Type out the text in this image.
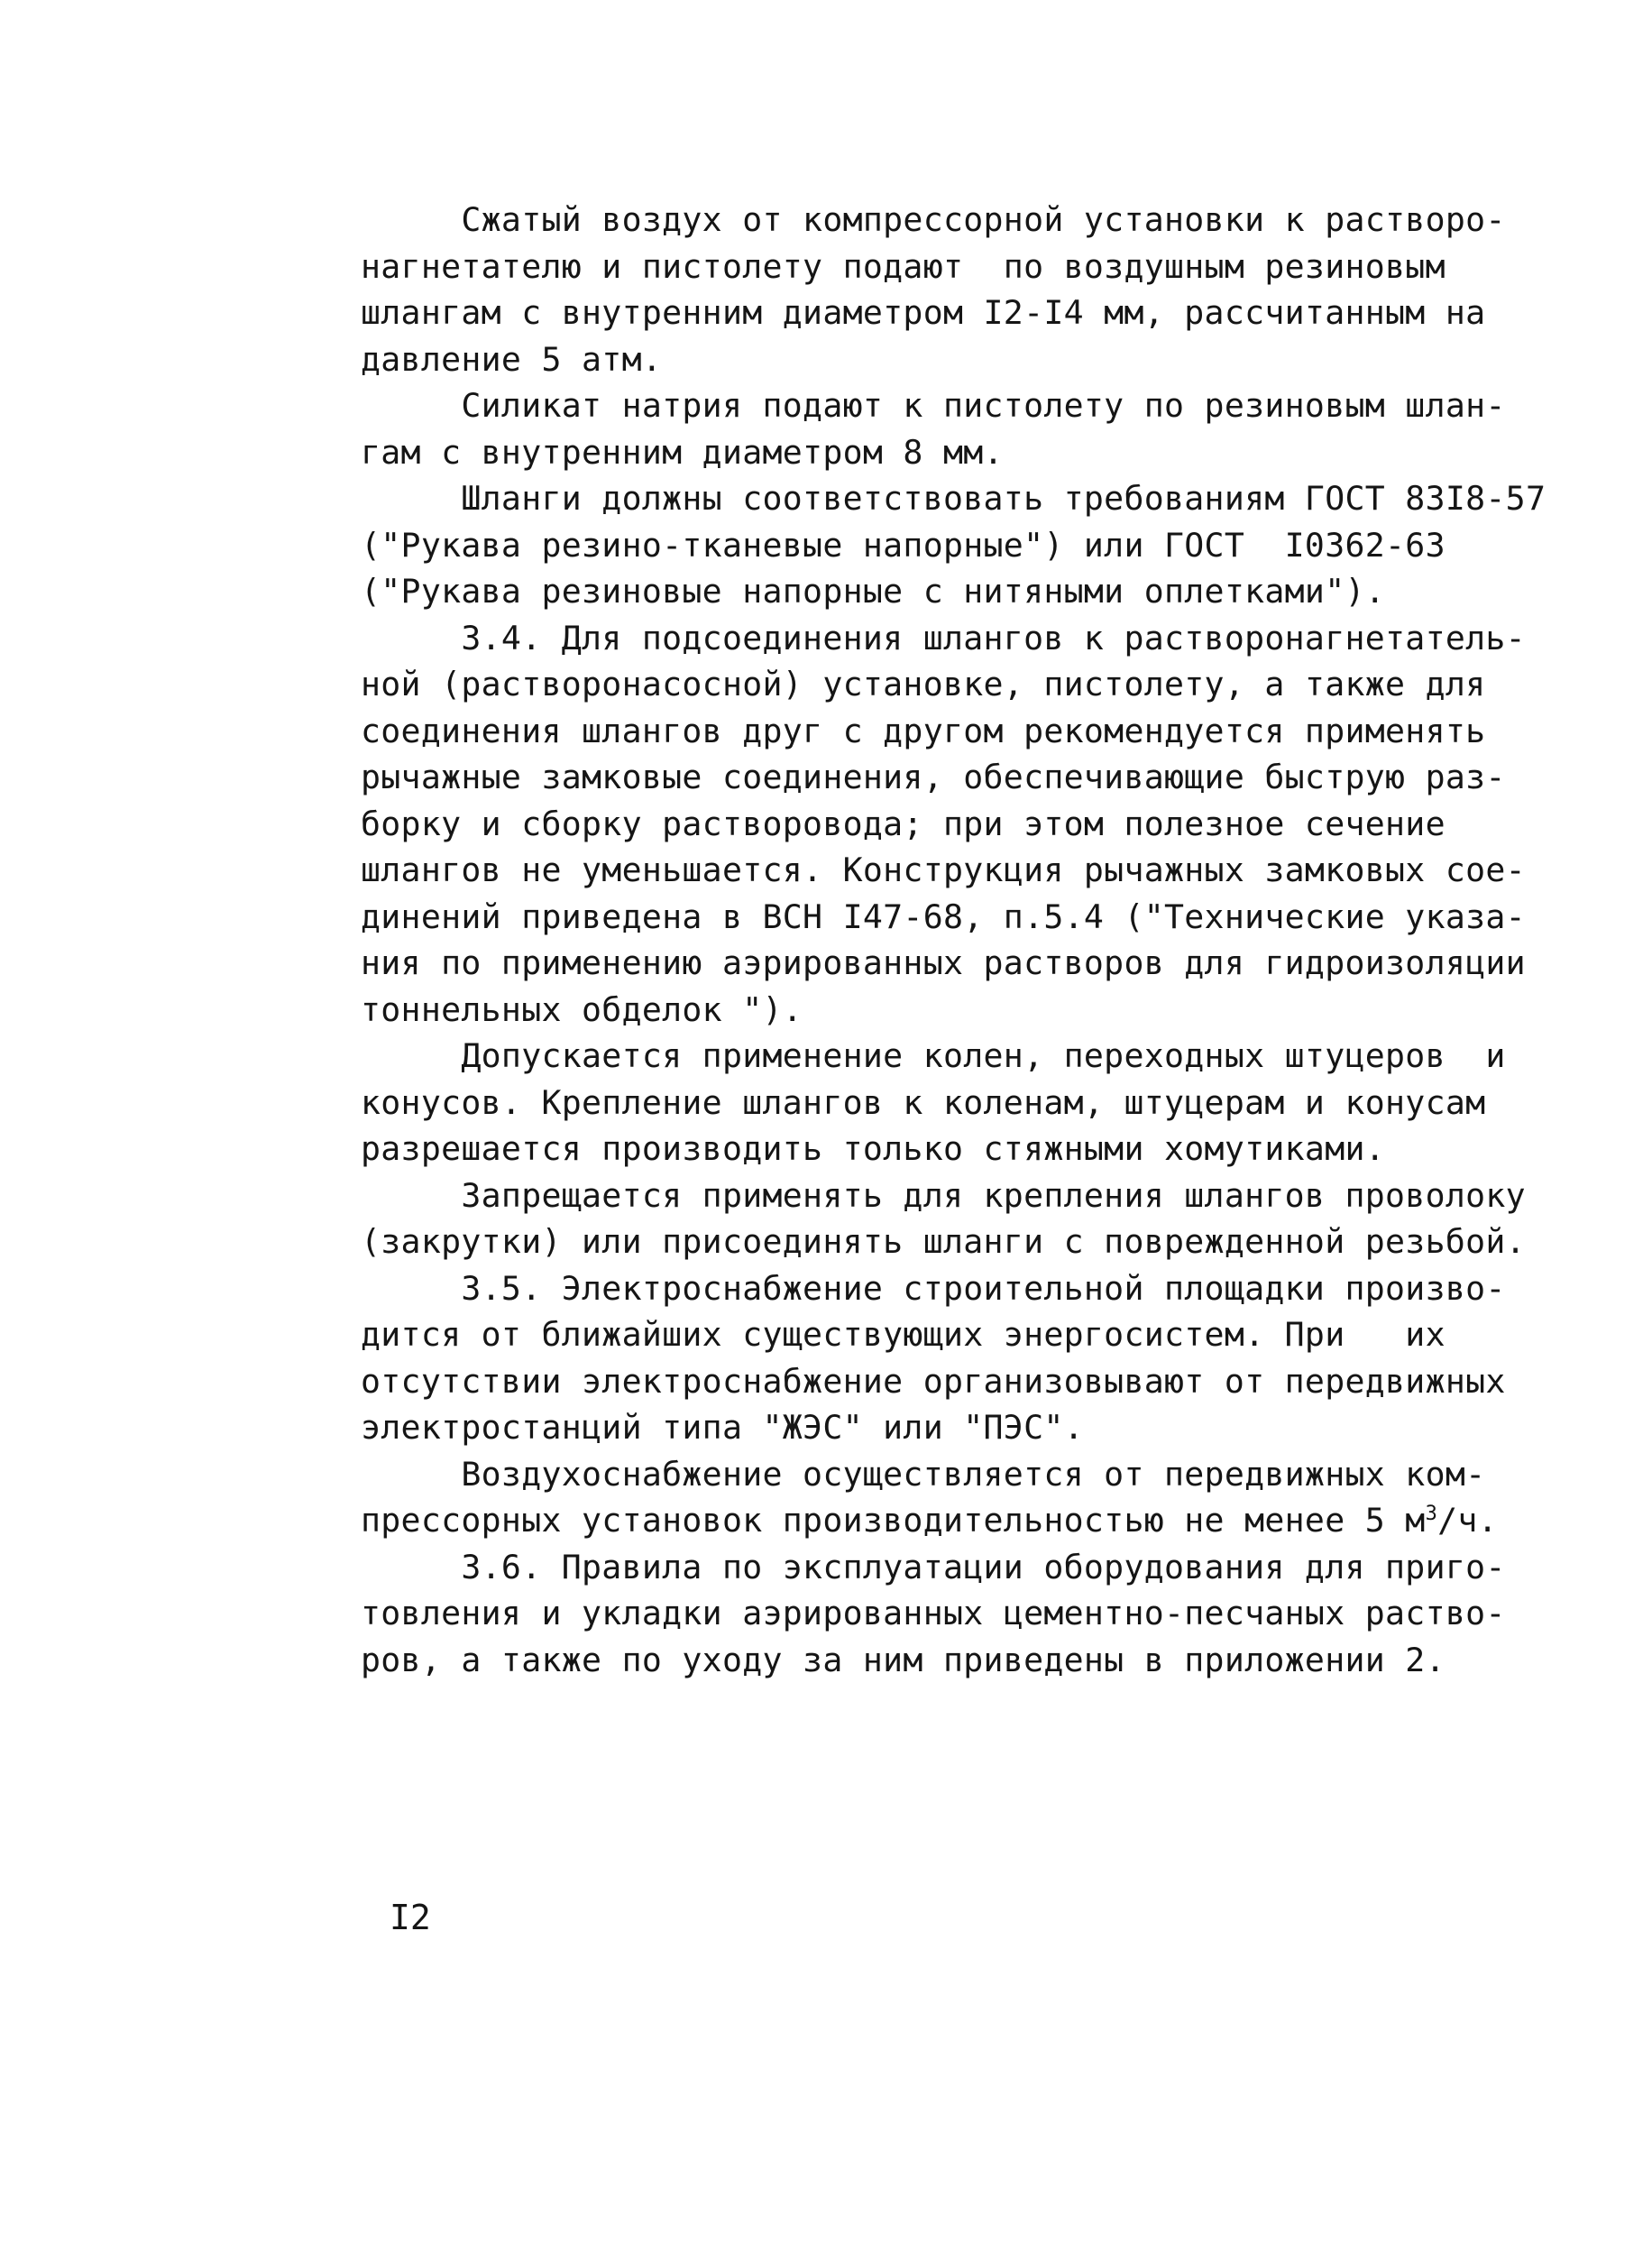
Сжатый воздух от компрессорной установки к растворо-
нагнетателю и пистолету подают  по воздушным резиновым
шлангам с внутренним диаметром I2-I4 мм, рассчитанным на
давление 5 атм.
Силикат натрия подают к пистолету по резиновым шлан-
гам с внутренним диаметром 8 мм.
Шланги должны соответствовать требованиям ГОСТ 83I8-57
("Рукава резино-тканевые напорные") или ГОСТ  I0362-63
("Рукава резиновые напорные с нитяными оплетками").
3.4. Для подсоединения шлангов к растворонагнетатель-
ной (растворонасосной) установке, пистолету, а также для
соединения шлангов друг с другом рекомендуется применять
рычажные замковые соединения, обеспечивающие быструю раз-
борку и сборку раствоpовода; при этом полезное сечение
шлангов не уменьшается. Конструкция рычажных замковых сое-
динений приведена в ВСН I47-68, п.5.4 ("Технические указа-
ния по применению аэрированных растворов для гидроизоляции
тоннельных обделок ").
Допускается применение колен, переходных штуцеров  и
конусов. Крепление шлангов к коленам, штуцерам и конусам
разрешается производить только стяжными хомутиками.
Запрещается применять для крепления шлангов проволоку
(закрутки) или присоединять шланги с поврежденной резьбой.
3.5. Электроснабжение строительной площадки произво-
дится от ближайших существующих энергосистем. При   их
отсутствии электроснабжение организовывают от передвижных
электростанций типа "ЖЭС" или "ПЭС".
Воздухоснабжение осуществляется от передвижных ком-
прессорных установок производительностью не менее 5 $м^3/ч$.
3.6. Правила по эксплуатации оборудования для приго-
товления и укладки аэрированных цементно-песчаных раство-
ров, а также по уходу за ним приведены в приложении 2.
I2
